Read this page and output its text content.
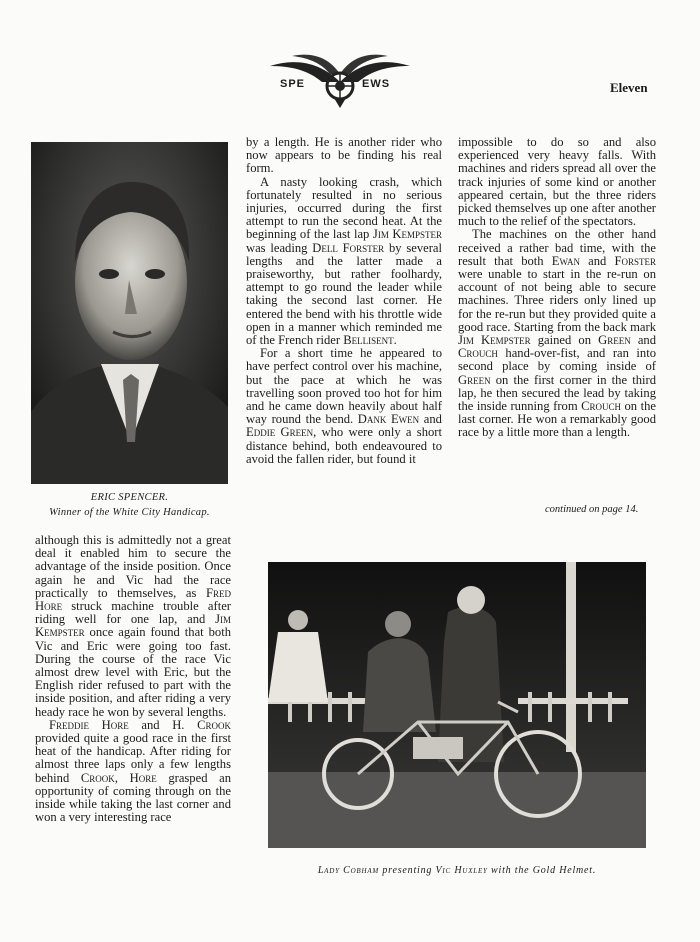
SPE	EWS	Eleven
ERIC SPENCER.
Winner of the White City Handicap.

by a length. He is another rider who now appears to be finding his real form.

A nasty looking crash, which fortunately resulted in no serious injuries, occurred during the first attempt to run the second heat. At the beginning of the last lap Jim Kempster was leading Dell Forster by several lengths and the latter made a praiseworthy, but rather foolhardy, attempt to go round the leader while taking the second last corner. He entered the bend with his throttle wide open in a manner which reminded me of the French rider Bellisent.

For a short time he appeared to have perfect control over his machine, but the pace at which he was travelling soon proved too hot for him and he came down heavily about half way round the bend. Dank Ewen and Eddie Green, who were only a short distance behind, both endeavoured to avoid the fallen rider, but found it

impossible to do so and also experienced very heavy falls. With machines and riders spread all over the track injuries of some kind or another appeared certain, but the three riders picked themselves up one after another much to the relief of the spectators.

The machines on the other hand received a rather bad time, with the result that both Ewan and Forster were unable to start in the re-run on account of not being able to secure machines. Three riders only lined up for the re-run but they provided quite a good race. Starting from the back mark Jim Kempster gained on Green and Crouch hand-over-fist, and ran into second place by coming inside of Green on the first corner in the third lap, he then secured the lead by taking the inside running from Crouch on the last corner. He won a remarkably good race by a little more than a length.

continued on page 14.

although this is admittedly not a great deal it enabled him to secure the advantage of the inside position. Once again he and Vic had the race practically to themselves, as Fred Hore struck machine trouble after riding well for one lap, and Jim Kempster once again found that both Vic and Eric were going too fast. During the course of the race Vic almost drew level with Eric, but the English rider refused to part with the inside position, and after riding a very heady race he won by several lengths.

Freddie Hore and H. Crook provided quite a good race in the first heat of the handicap. After riding for almost three laps only a few lengths behind Crook, Hore grasped an opportunity of coming through on the inside while taking the last corner and won a very interesting race

Lady Cobham presenting Vic Huxley with the Gold Helmet.
